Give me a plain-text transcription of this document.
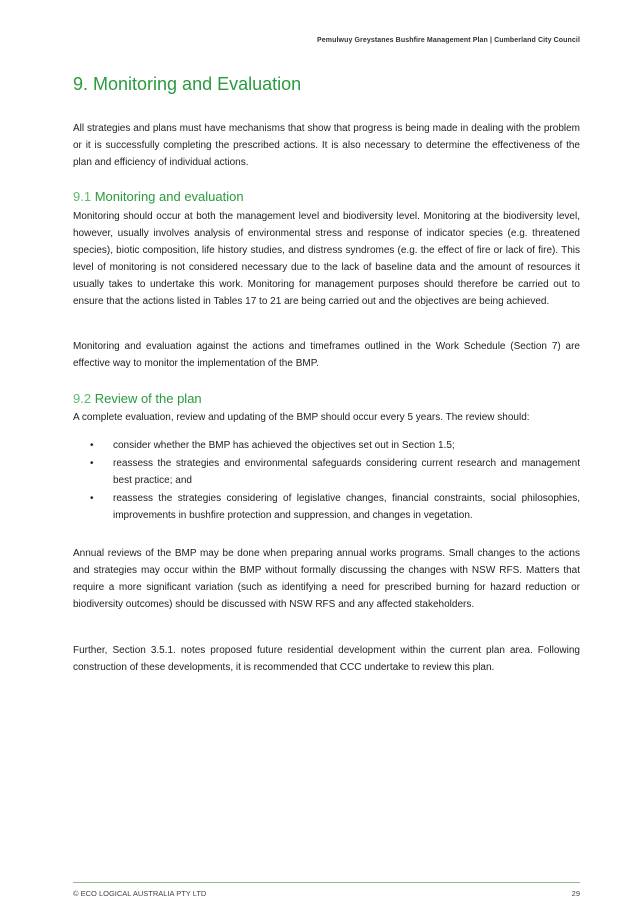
Pemulwuy Greystanes Bushfire Management Plan | Cumberland City Council
9. Monitoring and Evaluation

All strategies and plans must have mechanisms that show that progress is being made in dealing with the problem or it is successfully completing the prescribed actions. It is also necessary to determine the effectiveness of the plan and efficiency of individual actions.

9.1 Monitoring and evaluation

Monitoring should occur at both the management level and biodiversity level. Monitoring at the biodiversity level, however, usually involves analysis of environmental stress and response of indicator species (e.g. threatened species), biotic composition, life history studies, and distress syndromes (e.g. the effect of fire or lack of fire). This level of monitoring is not considered necessary due to the lack of baseline data and the amount of resources it usually takes to undertake this work. Monitoring for management purposes should therefore be carried out to ensure that the actions listed in Tables 17 to 21 are being carried out and the objectives are being achieved.

Monitoring and evaluation against the actions and timeframes outlined in the Work Schedule (Section 7) are effective way to monitor the implementation of the BMP.

9.2 Review of the plan

A complete evaluation, review and updating of the BMP should occur every 5 years. The review should:

• consider whether the BMP has achieved the objectives set out in Section 1.5;
• reassess the strategies and environmental safeguards considering current research and management best practice; and
• reassess the strategies considering of legislative changes, financial constraints, social philosophies, improvements in bushfire protection and suppression, and changes in vegetation.

Annual reviews of the BMP may be done when preparing annual works programs. Small changes to the actions and strategies may occur within the BMP without formally discussing the changes with NSW RFS. Matters that require a more significant variation (such as identifying a need for prescribed burning for hazard reduction or biodiversity outcomes) should be discussed with NSW RFS and any affected stakeholders.

Further, Section 3.5.1. notes proposed future residential development within the current plan area. Following construction of these developments, it is recommended that CCC undertake to review this plan.

© ECO LOGICAL AUSTRALIA PTY LTD	29
